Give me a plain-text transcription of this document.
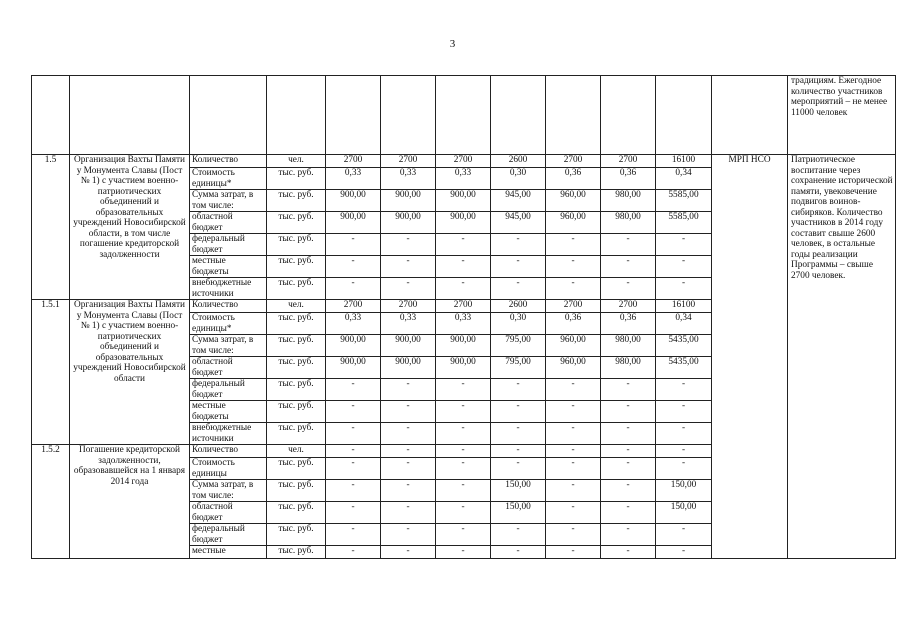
3
												традициям. Ежегодное количество участников мероприятий – не менее 11000 человек
1.5	Организация Вахты Памяти у Монумента Славы (Пост № 1) с участием военно-патриотических объединений и образовательных учреждений Новосибирской области, в том числе погашение кредиторской задолженности	Количество	чел.	2700	2700	2700	2600	2700	2700	16100	МРП НСО	Патриотическое воспитание через сохранение исторической памяти, увековечение подвигов воинов-сибиряков. Количество участников в 2014 году составит свыше 2600 человек, в остальные годы реализации Программы – свыше 2700 человек.
		Стоимость единицы*	тыс. руб.	0,33	0,33	0,33	0,30	0,36	0,36	0,34		
		Сумма затрат, в том числе:	тыс. руб.	900,00	900,00	900,00	945,00	960,00	980,00	5585,00		
		областной бюджет	тыс. руб.	900,00	900,00	900,00	945,00	960,00	980,00	5585,00		
		федеральный бюджет	тыс. руб.	-	-	-	-	-	-	-		
		местные бюджеты	тыс. руб.	-	-	-	-	-	-	-		
		внебюджетные источники	тыс. руб.	-	-	-	-	-	-	-		
1.5.1	Организация Вахты Памяти у Монумента Славы (Пост № 1) с участием военно-патриотических объединений и образовательных учреждений Новосибирской области	Количество	чел.	2700	2700	2700	2600	2700	2700	16100		
		Стоимость единицы*	тыс. руб.	0,33	0,33	0,33	0,30	0,36	0,36	0,34		
		Сумма затрат, в том числе:	тыс. руб.	900,00	900,00	900,00	795,00	960,00	980,00	5435,00		
		областной бюджет	тыс. руб.	900,00	900,00	900,00	795,00	960,00	980,00	5435,00		
		федеральный бюджет	тыс. руб.	-	-	-	-	-	-	-		
		местные бюджеты	тыс. руб.	-	-	-	-	-	-	-		
		внебюджетные источники	тыс. руб.	-	-	-	-	-	-	-		
1.5.2	Погашение кредиторской задолженности, образовавшейся на 1 января 2014 года	Количество	чел.	-	-	-	-	-	-	-		
		Стоимость единицы	тыс. руб.	-	-	-	-	-	-	-		
		Сумма затрат, в том числе:	тыс. руб.	-	-	-	150,00	-	-	150,00		
		областной бюджет	тыс. руб.	-	-	-	150,00	-	-	150,00		
		федеральный бюджет	тыс. руб.	-	-	-	-	-	-	-		
		местные	тыс. руб.	-	-	-	-	-	-	-		
